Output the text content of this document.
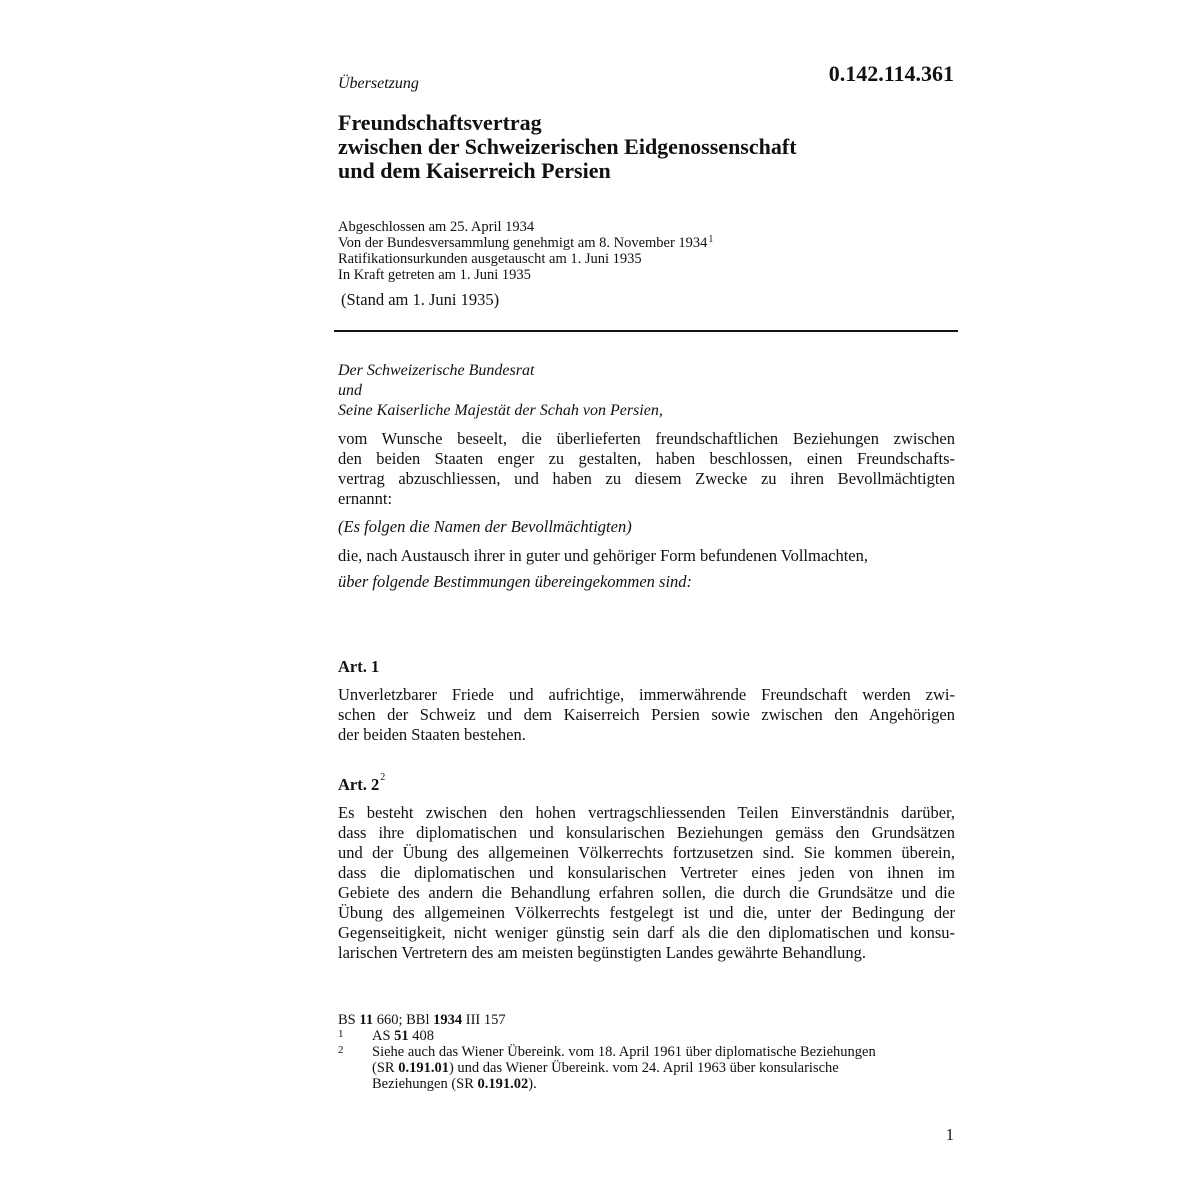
Übersetzung	0.142.114.361
Freundschaftsvertrag
zwischen der Schweizerischen Eidgenossenschaft
und dem Kaiserreich Persien
Abgeschlossen am 25. April 1934
Von der Bundesversammlung genehmigt am 8. November 1934$^1$
Ratifikationsurkunden ausgetauscht am 1. Juni 1935
In Kraft getreten am 1. Juni 1935
(Stand am 1. Juni 1935)
Der Schweizerische Bundesrat
und
Seine Kaiserliche Majestät der Schah von Persien,
vom Wunsche beseelt, die überlieferten freundschaftlichen Beziehungen zwischen
den beiden Staaten enger zu gestalten, haben beschlossen, einen Freundschafts-
vertrag abzuschliessen, und haben zu diesem Zwecke zu ihren Bevollmächtigten
ernannt:
(Es folgen die Namen der Bevollmächtigten)
die, nach Austausch ihrer in guter und gehöriger Form befundenen Vollmachten,
über folgende Bestimmungen übereingekommen sind:
Art. 1
Unverletzbarer Friede und aufrichtige, immerwährende Freundschaft werden zwi-
schen der Schweiz und dem Kaiserreich Persien sowie zwischen den Angehörigen
der beiden Staaten bestehen.
Art. $2^2$
Es besteht zwischen den hohen vertragschliessenden Teilen Einverständnis darüber,
dass ihre diplomatischen und konsularischen Beziehungen gemäss den Grundsätzen
und der Übung des allgemeinen Völkerrechts fortzusetzen sind. Sie kommen überein,
dass die diplomatischen und konsularischen Vertreter eines jeden von ihnen im
Gebiete des andern die Behandlung erfahren sollen, die durch die Grundsätze und die
Übung des allgemeinen Völkerrechts festgelegt ist und die, unter der Bedingung der
Gegenseitigkeit, nicht weniger günstig sein darf als die den diplomatischen und konsu-
larischen Vertretern des am meisten begünstigten Landes gewährte Behandlung.
BS 11 660; BBl 1934 III 157
1	AS 51 408
2	Siehe auch das Wiener Übereink. vom 18. April 1961 über diplomatische Beziehungen
(SR 0.191.01) und das Wiener Übereink. vom 24. April 1963 über konsularische
Beziehungen (SR 0.191.02).
1
